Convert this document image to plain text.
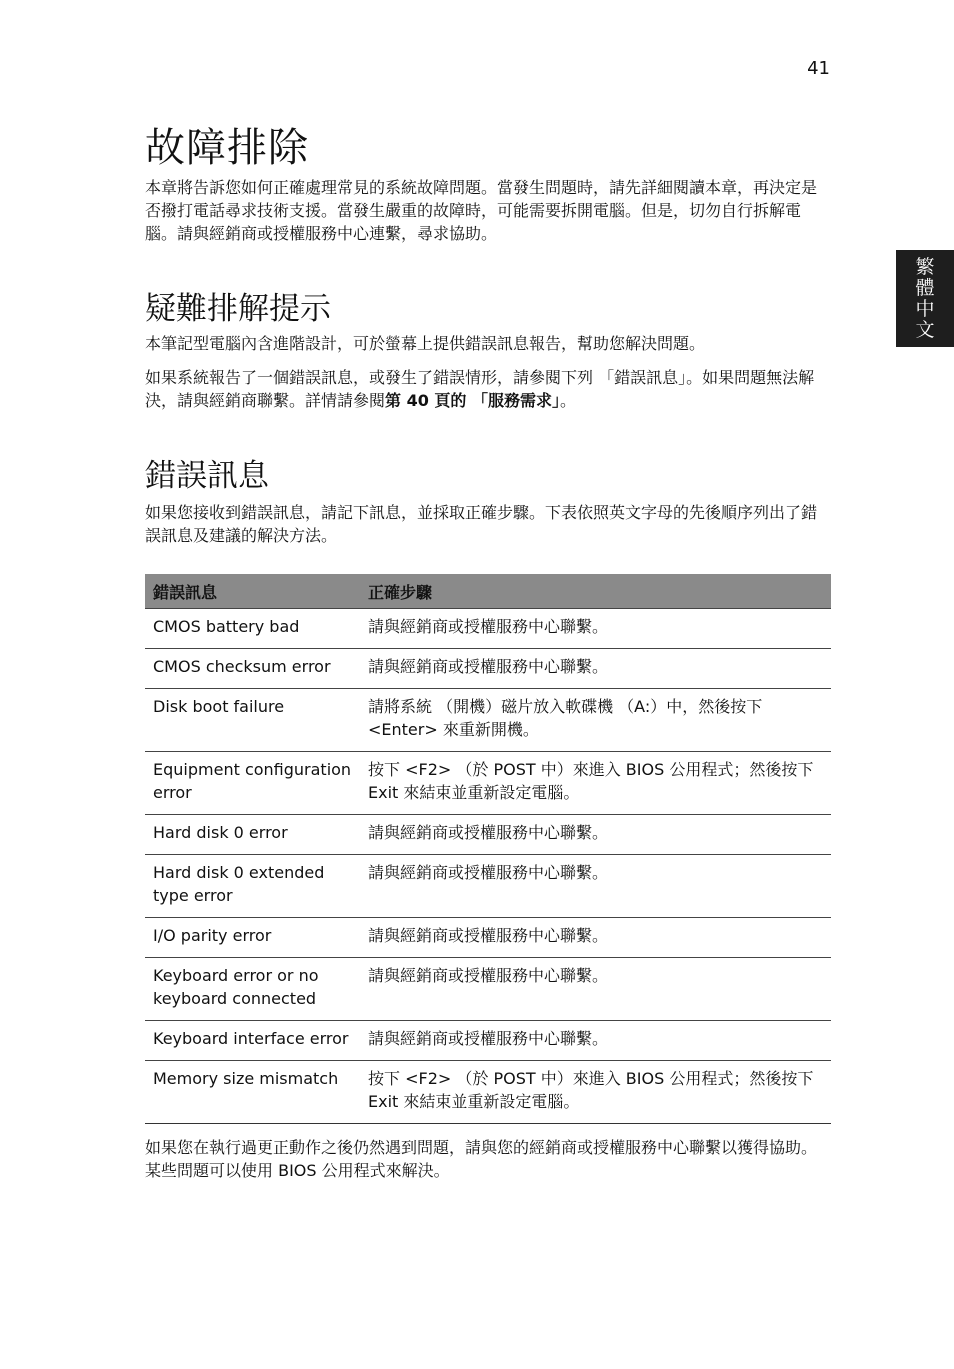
41
繁
體
中
文
故障排除

本章將告訴您如何正確處理常見的系統故障問題。當發生問題時，請先詳細閱讀本章，再決定是否撥打電話尋求技術支援。當發生嚴重的故障時，可能需要拆開電腦。但是，切勿自行拆解電腦。請與經銷商或授權服務中心連繫，尋求協助。

疑難排解提示

本筆記型電腦內含進階設計，可於螢幕上提供錯誤訊息報告，幫助您解決問題。

如果系統報告了一個錯誤訊息，或發生了錯誤情形，請參閱下列 「錯誤訊息」。如果問題無法解決，請與經銷商聯繫。詳情請參閱第 40 頁的 「服務需求」。

錯誤訊息

如果您接收到錯誤訊息，請記下訊息，並採取正確步驟。下表依照英文字母的先後順序列出了錯誤訊息及建議的解決方法。

錯誤訊息	正確步驟
CMOS battery bad	請與經銷商或授權服務中心聯繫。
CMOS checksum error	請與經銷商或授權服務中心聯繫。
Disk boot failure	請將系統 （開機）磁片放入軟碟機 （A:）中，然後按下 <Enter> 來重新開機。
Equipment configuration error	按下 <F2> （於 POST 中）來進入 BIOS 公用程式；然後按下 Exit 來結束並重新設定電腦。
Hard disk 0 error	請與經銷商或授權服務中心聯繫。
Hard disk 0 extended type error	請與經銷商或授權服務中心聯繫。
I/O parity error	請與經銷商或授權服務中心聯繫。
Keyboard error or no keyboard connected	請與經銷商或授權服務中心聯繫。
Keyboard interface error	請與經銷商或授權服務中心聯繫。
Memory size mismatch	按下 <F2> （於 POST 中）來進入 BIOS 公用程式；然後按下 Exit 來結束並重新設定電腦。

如果您在執行過更正動作之後仍然遇到問題，請與您的經銷商或授權服務中心聯繫以獲得協助。某些問題可以使用 BIOS 公用程式來解決。
